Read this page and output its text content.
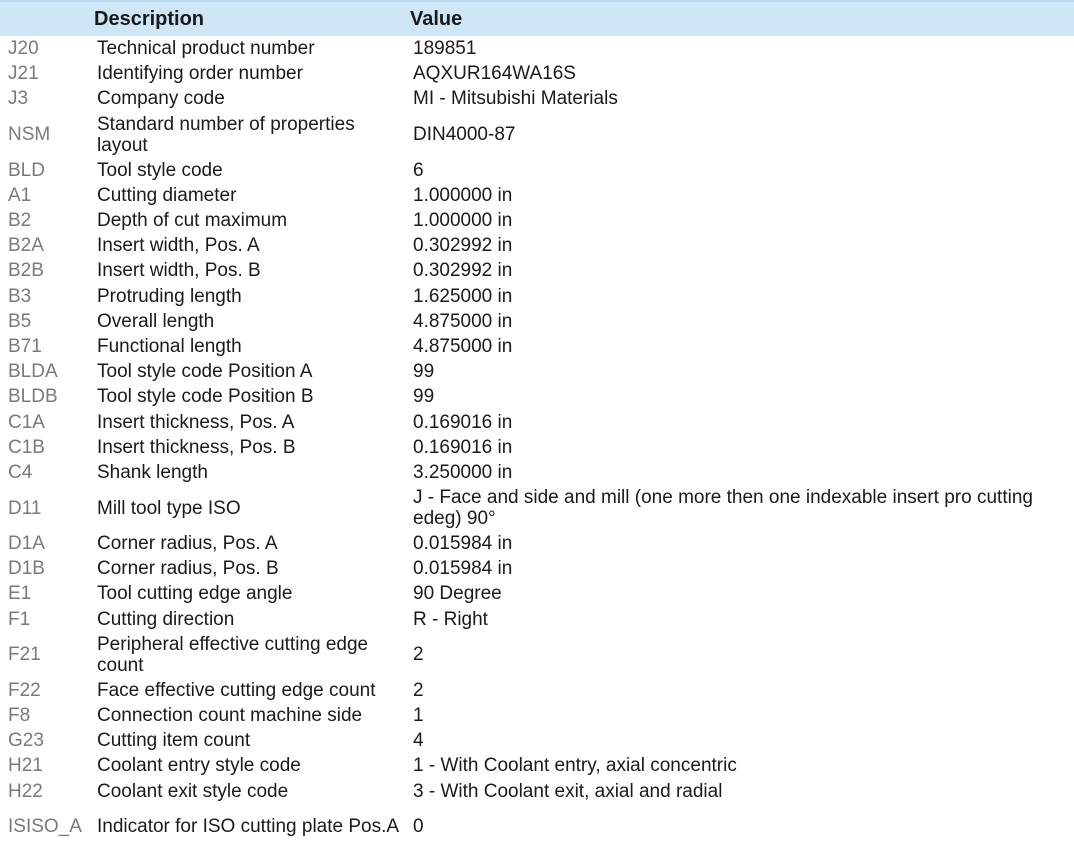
	Description	Value
J20	Technical product number	189851
J21	Identifying order number	AQXUR164WA16S
J3	Company code	MI - Mitsubishi Materials
NSM	Standard number of properties layout	DIN4000-87
BLD	Tool style code	6
A1	Cutting diameter	1.000000 in
B2	Depth of cut maximum	1.000000 in
B2A	Insert width, Pos. A	0.302992 in
B2B	Insert width, Pos. B	0.302992 in
B3	Protruding length	1.625000 in
B5	Overall length	4.875000 in
B71	Functional length	4.875000 in
BLDA	Tool style code Position A	99
BLDB	Tool style code Position B	99
C1A	Insert thickness, Pos. A	0.169016 in
C1B	Insert thickness, Pos. B	0.169016 in
C4	Shank length	3.250000 in
D11	Mill tool type ISO	J - Face and side and mill (one more then one indexable insert pro cutting edeg) 90°
D1A	Corner radius, Pos. A	0.015984 in
D1B	Corner radius, Pos. B	0.015984 in
E1	Tool cutting edge angle	90 Degree
F1	Cutting direction	R - Right
F21	Peripheral effective cutting edge count	2
F22	Face effective cutting edge count	2
F8	Connection count machine side	1
G23	Cutting item count	4
H21	Coolant entry style code	1 - With Coolant entry, axial concentric
H22	Coolant exit style code	3 - With Coolant exit, axial and radial
ISISO_A	Indicator for ISO cutting plate Pos.A	0
